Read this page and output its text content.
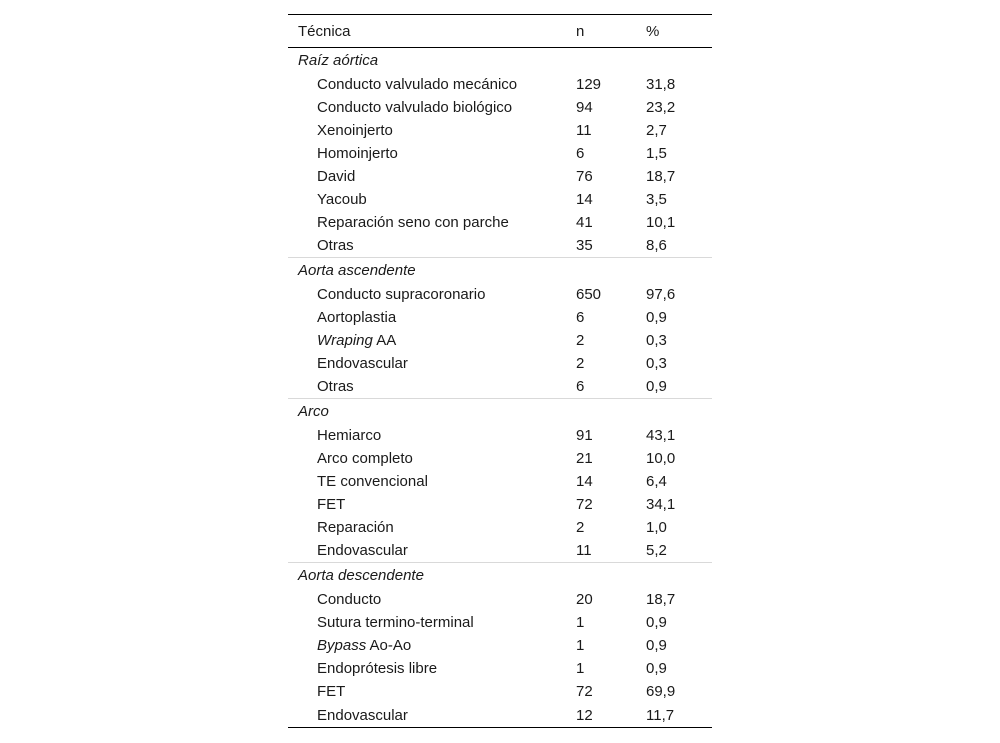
Técnica	n	%
Raíz aórtica		
Conducto valvulado mecánico	129	31,8
Conducto valvulado biológico	94	23,2
Xenoinjerto	11	2,7
Homoinjerto	6	1,5
David	76	18,7
Yacoub	14	3,5
Reparación seno con parche	41	10,1
Otras	35	8,6
Aorta ascendente		
Conducto supracoronario	650	97,6
Aortoplastia	6	0,9
Wraping AA	2	0,3
Endovascular	2	0,3
Otras	6	0,9
Arco		
Hemiarco	91	43,1
Arco completo	21	10,0
TE convencional	14	6,4
FET	72	34,1
Reparación	2	1,0
Endovascular	11	5,2
Aorta descendente		
Conducto	20	18,7
Sutura termino-terminal	1	0,9
Bypass Ao-Ao	1	0,9
Endoprótesis libre	1	0,9
FET	72	69,9
Endovascular	12	11,7
